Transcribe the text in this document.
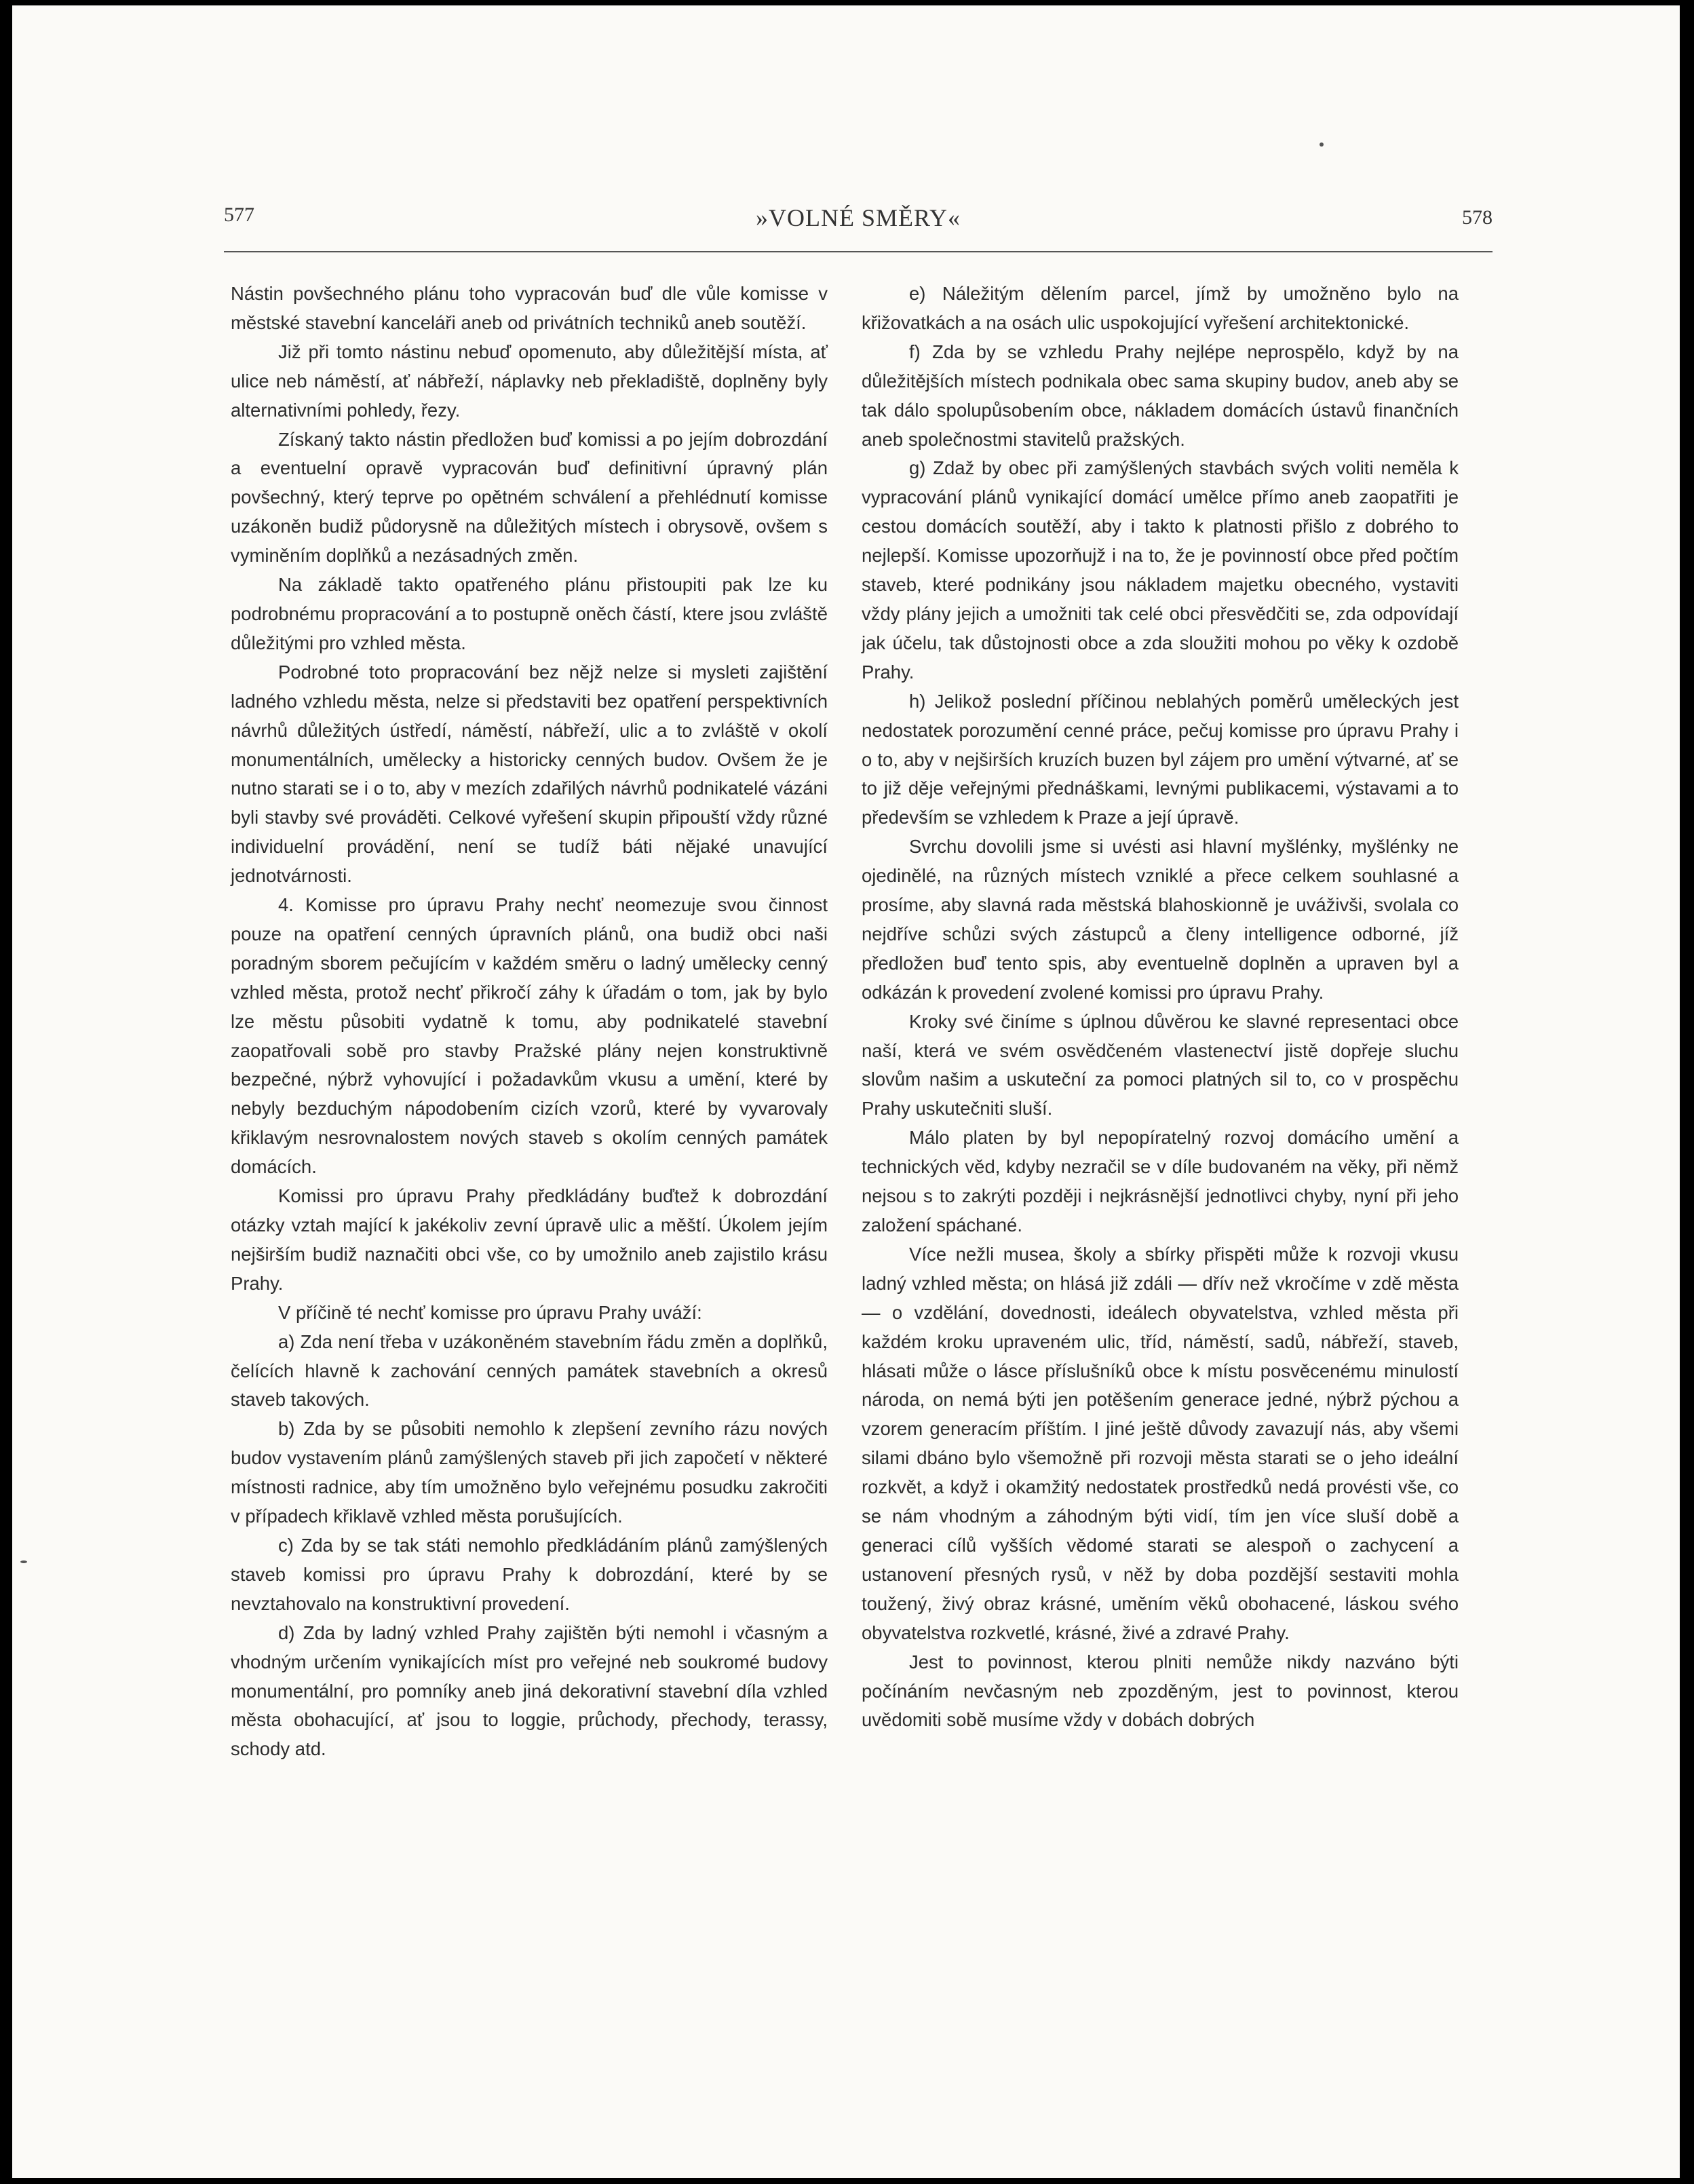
577	»VOLNÉ SMĚRY«	578

Nástin povšechného plánu toho vypracován buď dle vůle komisse v městské stavební kanceláři aneb od privátních techniků aneb soutěží.

Již při tomto nástinu nebuď opomenuto, aby důležitější místa, ať ulice neb náměstí, ať nábřeží, náplavky neb překladiště, doplněny byly alternativními pohledy, řezy.

Získaný takto nástin předložen buď komissi a po jejím dobrozdání a eventuelní opravě vypracován buď definitivní úpravný plán povšechný, který teprve po opětném schválení a přehlédnutí komisse uzákoněn budiž půdorysně na důležitých místech i obrysově, ovšem s vyminěním doplňků a nezásadných změn.

Na základě takto opatřeného plánu přistoupiti pak lze ku podrobnému propracování a to postupně oněch částí, ktere jsou zvláště důležitými pro vzhled města.

Podrobné toto propracování bez nějž nelze si mysleti zajištění ladného vzhledu města, nelze si představiti bez opatření perspektivních návrhů důležitých ústředí, náměstí, nábřeží, ulic a to zvláště v okolí monumentálních, umělecky a historicky cenných budov. Ovšem že je nutno starati se i o to, aby v mezích zdařilých návrhů podnikatelé vázáni byli stavby své prováděti. Celkové vyřešení skupin připouští vždy různé individuelní provádění, není se tudíž báti nějaké unavující jednotvárnosti.

4. Komisse pro úpravu Prahy nechť neomezuje svou činnost pouze na opatření cenných úpravních plánů, ona budiž obci naši poradným sborem pečujícím v každém směru o ladný umělecky cenný vzhled města, protož nechť přikročí záhy k úřadám o tom, jak by bylo lze městu působiti vydatně k tomu, aby podnikatelé stavební zaopatřovali sobě pro stavby Pražské plány nejen konstruktivně bezpečné, nýbrž vyhovující i požadavkům vkusu a umění, které by nebyly bezduchým nápodobením cizích vzorů, které by vyvarovaly křiklavým nesrovnalostem nových staveb s okolím cenných památek domácích.

Komissi pro úpravu Prahy předkládány buďtež k dobrozdání otázky vztah mající k jakékoliv zevní úpravě ulic a měští. Úkolem jejím nejširším budiž naznačiti obci vše, co by umožnilo aneb zajistilo krásu Prahy.

V příčině té nechť komisse pro úpravu Prahy uváží:

a) Zda není třeba v uzákoněném stavebním řádu změn a doplňků, čelících hlavně k zachování cenných památek stavebních a okresů staveb takových.

b) Zda by se působiti nemohlo k zlepšení zevního rázu nových budov vystavením plánů zamýšlených staveb při jich započetí v některé místnosti radnice, aby tím umožněno bylo veřejnému posudku zakročiti v případech křiklavě vzhled města porušujících.

c) Zda by se tak státi nemohlo předkládáním plánů zamýšlených staveb komissi pro úpravu Prahy k dobrozdání, které by se nevztahovalo na konstruktivní provedení.

d) Zda by ladný vzhled Prahy zajištěn býti nemohl i včasným a vhodným určením vynikajících míst pro veřejné neb soukromé budovy monumentální, pro pomníky aneb jiná dekorativní stavební díla vzhled města obohacující, ať jsou to loggie, průchody, přechody, terassy, schody atd.

e) Náležitým dělením parcel, jímž by umožněno bylo na křižovatkách a na osách ulic uspokojující vyřešení architektonické.

f) Zda by se vzhledu Prahy nejlépe neprospělo, když by na důležitějších místech podnikala obec sama skupiny budov, aneb aby se tak dálo spolupůsobením obce, nákladem domácích ústavů finančních aneb společnostmi stavitelů pražských.

g) Zdaž by obec při zamýšlených stavbách svých voliti neměla k vypracování plánů vynikající domácí umělce přímo aneb zaopatřiti je cestou domácích soutěží, aby i takto k platnosti přišlo z dobrého to nejlepší. Komisse upozorňujž i na to, že je povinností obce před počtím staveb, které podnikány jsou nákladem majetku obecného, vystaviti vždy plány jejich a umožniti tak celé obci přesvědčiti se, zda odpovídají jak účelu, tak důstojnosti obce a zda sloužiti mohou po věky k ozdobě Prahy.

h) Jelikož poslední příčinou neblahých poměrů uměleckých jest nedostatek porozumění cenné práce, pečuj komisse pro úpravu Prahy i o to, aby v nejširších kruzích buzen byl zájem pro umění výtvarné, ať se to již děje veřejnými přednáškami, levnými publikacemi, výstavami a to především se vzhledem k Praze a její úpravě.

Svrchu dovolili jsme si uvésti asi hlavní myšlénky, myšlénky ne ojedinělé, na různých místech vzniklé a přece celkem souhlasné a prosíme, aby slavná rada městská blahoskionně je uváživši, svolala co nejdříve schůzi svých zástupců a členy intelligence odborné, jíž předložen buď tento spis, aby eventuelně doplněn a upraven byl a odkázán k provedení zvolené komissi pro úpravu Prahy.

Kroky své činíme s úplnou důvěrou ke slavné representaci obce naší, která ve svém osvědčeném vlastenectví jistě dopřeje sluchu slovům našim a uskuteční za pomoci platných sil to, co v prospěchu Prahy uskutečniti sluší.

Málo platen by byl nepopíratelný rozvoj domácího umění a technických věd, kdyby nezračil se v díle budovaném na věky, při němž nejsou s to zakrýti později i nejkrásnější jednotlivci chyby, nyní při jeho založení spáchané.

Více nežli musea, školy a sbírky přispěti může k rozvoji vkusu ladný vzhled města; on hlásá již zdáli — dřív než vkročíme v zdě města — o vzdělání, dovednosti, ideálech obyvatelstva, vzhled města při každém kroku upraveném ulic, tříd, náměstí, sadů, nábřeží, staveb, hlásati může o lásce příslušníků obce k místu posvěcenému minulostí národa, on nemá býti jen potěšením generace jedné, nýbrž pýchou a vzorem generacím příštím. I jiné ještě důvody zavazují nás, aby všemi silami dbáno bylo všemožně při rozvoji města starati se o jeho ideální rozkvět, a když i okamžitý nedostatek prostředků nedá provésti vše, co se nám vhodným a záhodným býti vidí, tím jen více sluší době a generaci cílů vyšších vědomé starati se alespoň o zachycení a ustanovení přesných rysů, v něž by doba pozdější sestaviti mohla toužený, živý obraz krásné, uměním věků obohacené, láskou svého obyvatelstva rozkvetlé, krásné, živé a zdravé Prahy.

Jest to povinnost, kterou plniti nemůže nikdy nazváno býti počínáním nevčasným neb zpozděným, jest to povinnost, kterou uvědomiti sobě musíme vždy v dobách dobrých
